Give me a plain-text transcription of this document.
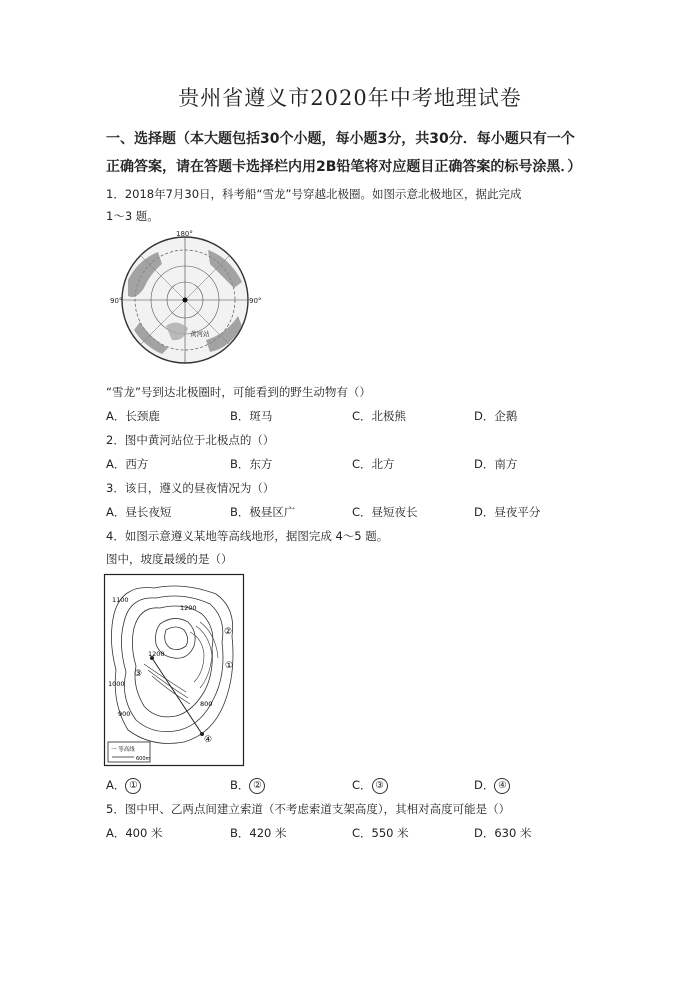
贵州省遵义市2020年中考地理试卷
一、选择题（本大题包括30个小题，每小题3分，共30分．每小题只有一个
正确答案，请在答题卡选择栏内用2B铅笔将对应题目正确答案的标号涂黑．）
1．2018年7月30日，科考船“雪龙”号穿越北极圈。如图示意北极地区，据此完成
1～3 题。
180°
90°	90°
黄河站
“雪龙”号到达北极圈时，可能看到的野生动物有（）
A．长颈鹿	B．斑马	C．北极熊	D．企鹅
2．图中黄河站位于北极点的（）
A．西方	B．东方	C．北方	D．南方
3．该日，遵义的昼夜情况为（）
A．昼长夜短	B．极昼区广	C．昼短夜长	D．昼夜平分
4．如图示意遵义某地等高线地形，据图完成 4～5 题。
图中，坡度最缓的是（）
1100
1200
1200
1000
900
800
①
②
③
④
一 等高线
600m
A． ①	B． ②	C． ③	D． ④
5．图中甲、乙两点间建立索道（不考虑索道支架高度），其相对高度可能是（）
A．400 米	B．420 米	C．550 米	D．630 米
